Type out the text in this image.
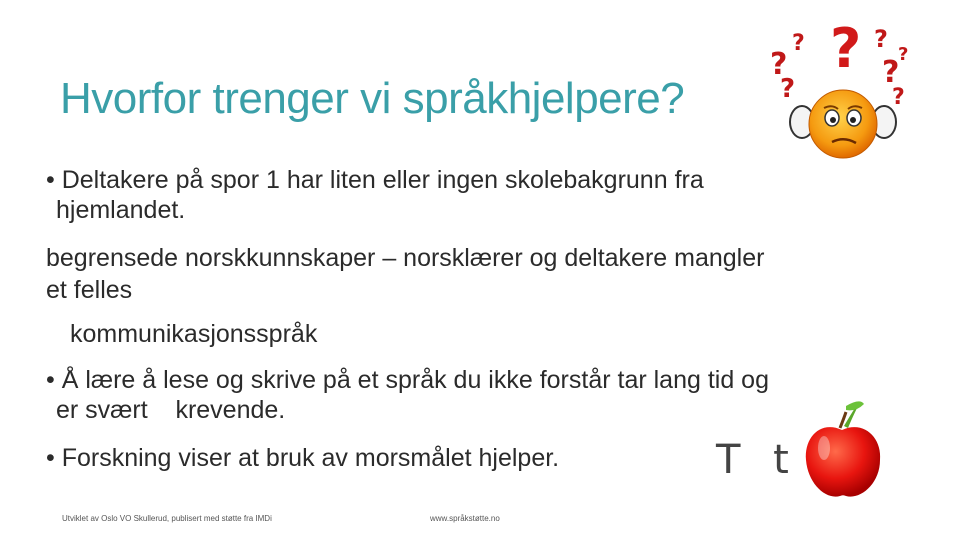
Hvorfor trenger vi språkhjelpere?
?
?
?
?
?
?
?
?
• Deltakere på spor 1 har liten eller ingen skolebakgrunn fra
hjemlandet.
begrensede norskkunnskaper – norsklærer og deltakere mangler
et felles
kommunikasjonsspråk
• Å lære å lese og skrive på et språk du ikke forstår tar lang tid og
er svært    krevende.
• Forskning viser at bruk av morsmålet hjelper.	T t
Utviklet av Oslo VO Skullerud, publisert med støtte fra IMDi	www.språkstøtte.no
